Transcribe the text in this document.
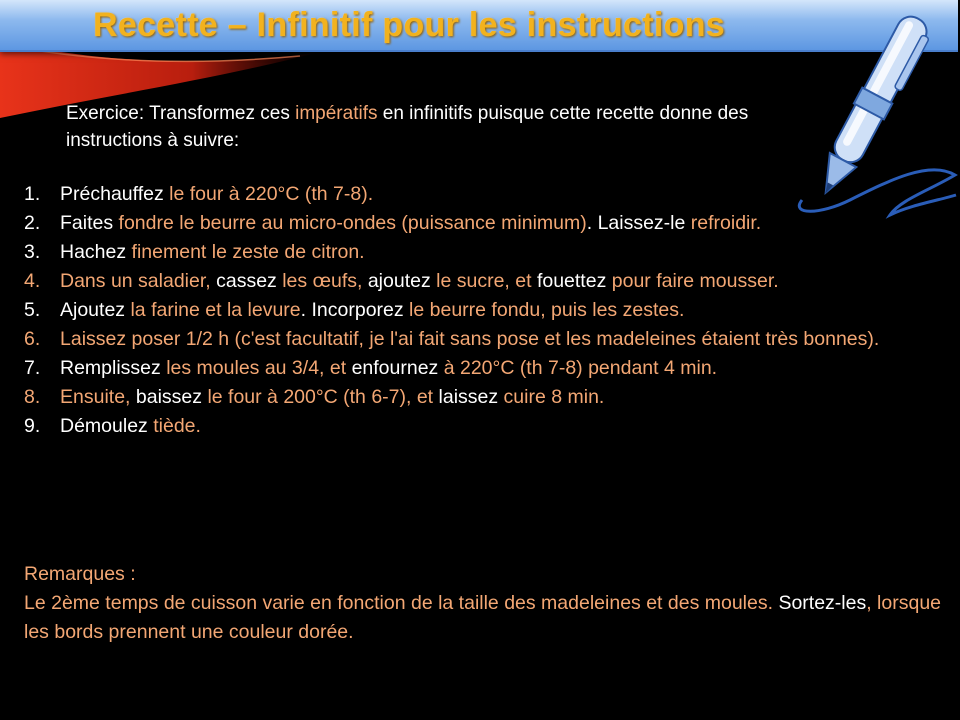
Recette – Infinitif pour les instructions
Exercice: Transformez ces impératifs en infinitifs puisque cette recette donne des instructions à suivre:
1.	Préchauffez le four à 220°C (th 7-8).
2.	Faites fondre le beurre au micro-ondes (puissance minimum). Laissez-le refroidir.
3.	Hachez finement le zeste de citron.
4.	Dans un saladier, cassez les œufs, ajoutez le sucre, et fouettez pour faire mousser.
5.	Ajoutez la farine et la levure. Incorporez le beurre fondu, puis les zestes.
6.	Laissez poser 1/2 h (c'est facultatif, je l'ai fait sans pose et les madeleines étaient très bonnes).
7.	Remplissez les moules au 3/4, et enfournez à 220°C (th 7-8) pendant 4 min.
8.	Ensuite, baissez le four à 200°C (th 6-7), et laissez cuire 8 min.
9.	Démoulez tiède.
Remarques :
Le 2ème temps de cuisson varie en fonction de la taille des madeleines et des moules. Sortez-les, lorsque les bords prennent une couleur dorée.
